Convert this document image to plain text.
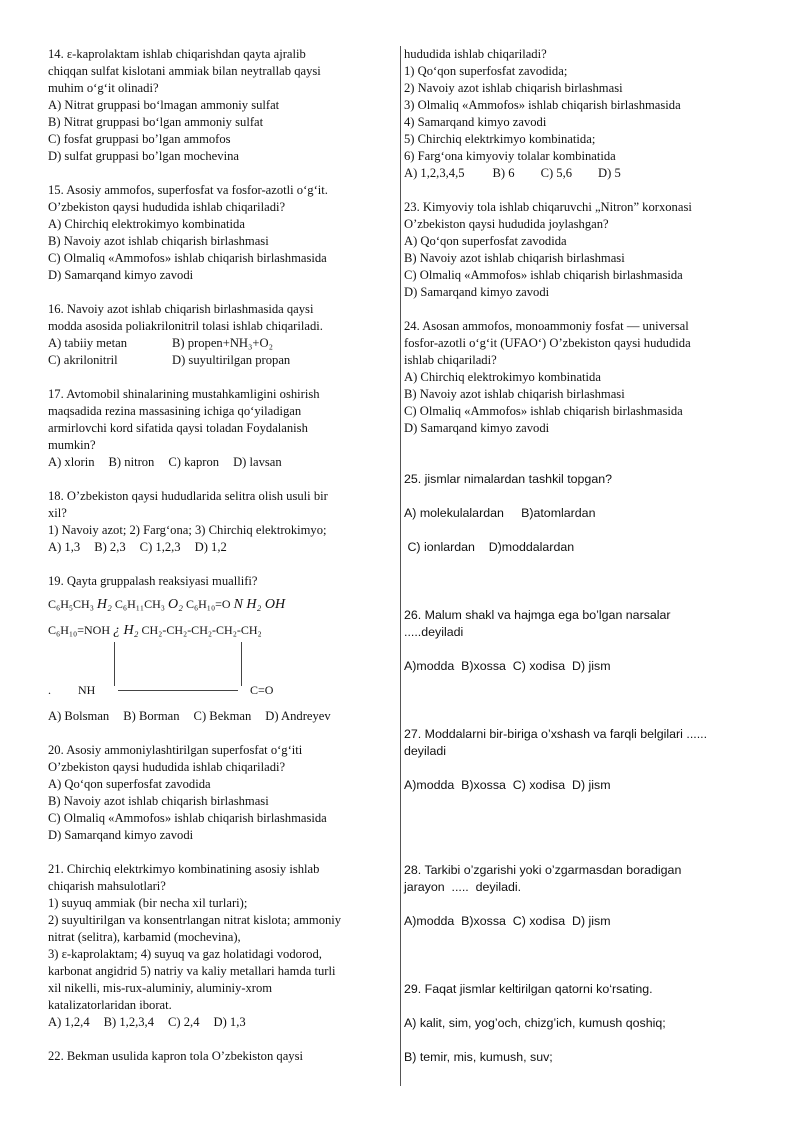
14. ε-kaprolaktam ishlab chiqarishdan qayta ajralib
chiqqan sulfat kislotani ammiak bilan neytrallab qaysi
muhim o‘g‘it olinadi?
A) Nitrat gruppasi bo‘lmagan ammoniy sulfat
B) Nitrat gruppasi bo‘lgan ammoniy sulfat
C) fosfat gruppasi bo’lgan ammofos
D) sulfat gruppasi bo’lgan mochevina
15. Asosiy ammofos, superfosfat va fosfor-azotli o‘g‘it.
O’zbekiston qaysi hududida ishlab chiqariladi?
A) Chirchiq elektrokimyo kombinatida
B) Navoiy azot ishlab chiqarish birlashmasi
C) Olmaliq «Ammofos» ishlab chiqarish birlashmasida
D) Samarqand kimyo zavodi
16. Navoiy azot ishlab chiqarish birlashmasida qaysi
modda asosida poliakrilonitril tolasi ishlab chiqariladi.
A) tabiiy metan	B) propen+NH₃+O₂
C) akrilonitril	D) suyultirilgan propan
17. Avtomobil shinalarining mustahkamligini oshirish
maqsadida rezina massasining ichiga qo‘yiladigan
armirlovchi kord sifatida qaysi toladan Foydalanish
mumkin?
A) xlorin B) nitron C) kapron D) lavsan
18. O’zbekiston qaysi hududlarida selitra olish usuli bir
xil?
1) Navoiy azot; 2) Farg‘ona; 3) Chirchiq elektrokimyo;
A) 1,3 B) 2,3 C) 1,2,3 D) 1,2
19. Qayta gruppalash reaksiyasi muallifi?
C₆H₅CH₃ H₂ C₆H₁₁CH₃ O₂ C₆H₁₀=O N H₂ OH
C₆H₁₀=NOH ¿ H₂ CH₂-CH₂-CH₂-CH₂-CH₂
. NH	C=O
A) Bolsman B) Borman C) Bekman D) Andreyev
20. Asosiy ammoniylashtirilgan superfosfat o‘g‘iti
O’zbekiston qaysi hududida ishlab chiqariladi?
A) Qo‘qon superfosfat zavodida
B) Navoiy azot ishlab chiqarish birlashmasi
C) Olmaliq «Ammofos» ishlab chiqarish birlashmasida
D) Samarqand kimyo zavodi
21. Chirchiq elektrkimyo kombinatining asosiy ishlab
chiqarish mahsulotlari?
1) suyuq ammiak (bir necha xil turlari);
2) suyultirilgan va konsentrlangan nitrat kislota; ammoniy
nitrat (selitra), karbamid (mochevina),
3) ε-kaprolaktam; 4) suyuq va gaz holatidagi vodorod,
karbonat angidrid 5) natriy va kaliy metallari hamda turli
xil nikelli, mis-rux-aluminiy, aluminiy-xrom
katalizatorlaridan iborat.
A) 1,2,4 B) 1,2,3,4 C) 2,4 D) 1,3
22. Bekman usulida kapron tola O’zbekiston qaysi
hududida ishlab chiqariladi?
1) Qo‘qon superfosfat zavodida;
2) Navoiy azot ishlab chiqarish birlashmasi
3) Olmaliq «Ammofos» ishlab chiqarish birlashmasida
4) Samarqand kimyo zavodi
5) Chirchiq elektrkimyo kombinatida;
6) Farg‘ona kimyoviy tolalar kombinatida
A) 1,2,3,4,5 B) 6 C) 5,6 D) 5
23. Kimyoviy tola ishlab chiqaruvchi „Nitron” korxonasi
O’zbekiston qaysi hududida joylashgan?
A) Qo‘qon superfosfat zavodida
B) Navoiy azot ishlab chiqarish birlashmasi
C) Olmaliq «Ammofos» ishlab chiqarish birlashmasida
D) Samarqand kimyo zavodi
24. Asosan ammofos, monoammoniy fosfat — universal
fosfor-azotli o‘g‘it (UFAO‘) O’zbekiston qaysi hududida
ishlab chiqariladi?
A) Chirchiq elektrokimyo kombinatida
B) Navoiy azot ishlab chiqarish birlashmasi
C) Olmaliq «Ammofos» ishlab chiqarish birlashmasida
D) Samarqand kimyo zavodi
25. jismlar nimalardan tashkil topgan?
A) molekulalardan     B)atomlardan
C) ionlardan    D)moddalardan
26. Malum shakl va hajmga ega bo’lgan narsalar
.....deyiladi
A)modda  B)xossa  C) xodisa  D) jism
27. Moddalarni bir-biriga o’xshash va farqli belgilari ......
deyiladi
A)modda  B)xossa  C) xodisa  D) jism
28. Tarkibi o’zgarishi yoki o’zgarmasdan boradigan
jarayon  .....  deyiladi.
A)modda  B)xossa  C) xodisa  D) jism
29. Faqat jismlar keltirilgan qatorni ko‘rsating.
A) kalit, sim, yog’och, chizg’ich, kumush qoshiq;
B) temir, mis, kumush, suv;
